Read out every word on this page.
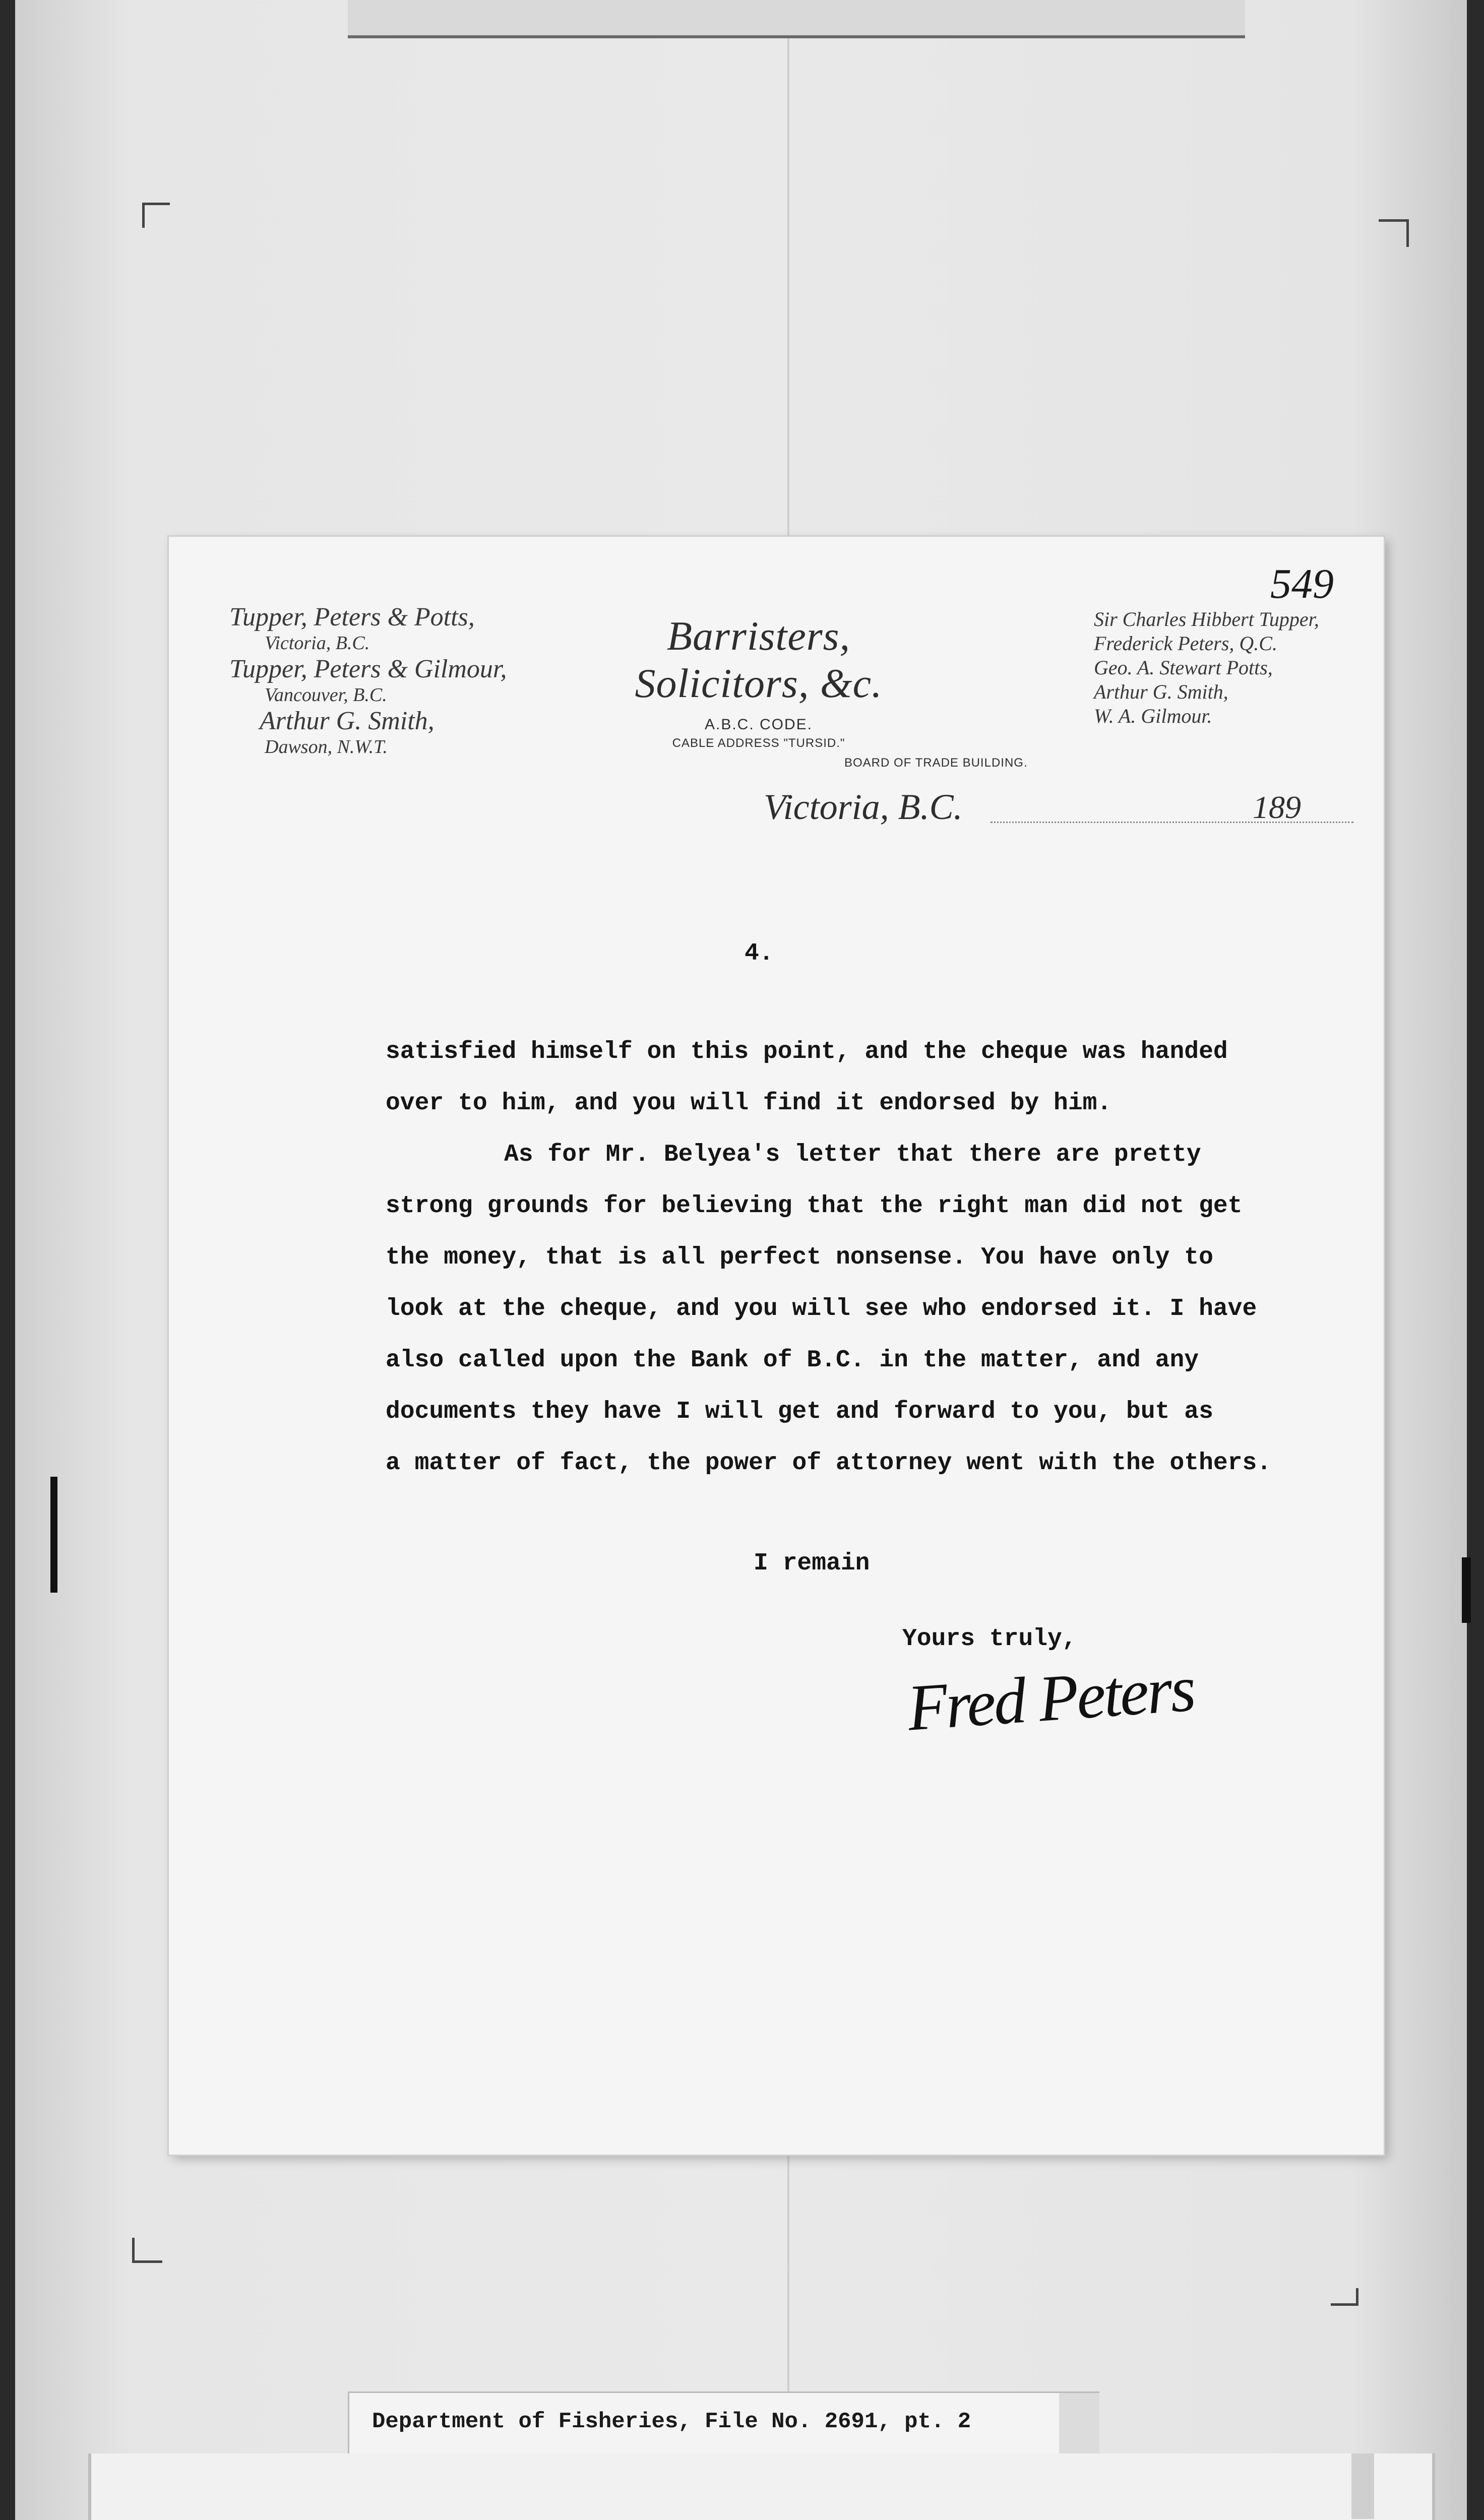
Tupper, Peters & Potts,
Victoria, B.C.
Tupper, Peters & Gilmour,
Vancouver, B.C.
Arthur G. Smith,
Dawson, N.W.T.
Barristers, Solicitors, &c.
A.B.C. CODE.
CABLE ADDRESS "TURSID."
BOARD OF TRADE BUILDING.
Victoria, B.C.	189
Sir Charles Hibbert Tupper,
Frederick Peters, Q.C.
Geo. A. Stewart Potts,
Arthur G. Smith,
W. A. Gilmour.
549
4.
satisfied himself on this point, and the cheque was handed
over to him, and you will find it endorsed by him.
As for Mr. Belyea's letter that there are pretty
strong grounds for believing that the right man did not get
the money, that is all perfect nonsense. You have only to
look at the cheque, and you will see who endorsed it. I have
also called upon the Bank of B.C. in the matter, and any
documents they have I will get and forward to you, but as
a matter of fact, the power of attorney went with the others.
I remain
Yours truly,
Fred Peters
Department of Fisheries, File No. 2691, pt. 2
